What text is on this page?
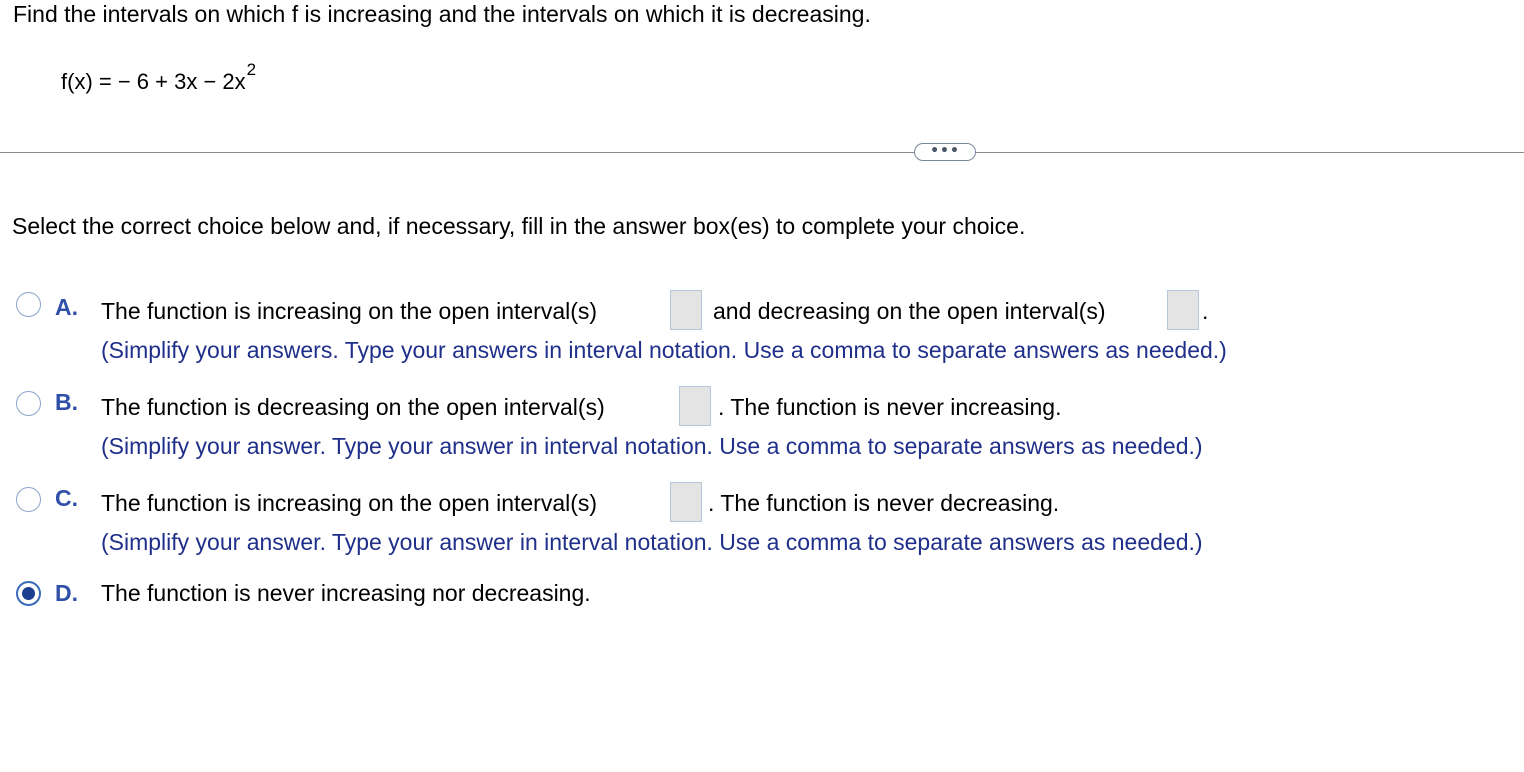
Find the intervals on which f is increasing and the intervals on which it is decreasing.
f(x) = − $6 + 3x - 2x^2$
•••
Select the correct choice below and, if necessary, fill in the answer box(es) to complete your choice.
A. The function is increasing on the open interval(s)	and decreasing on the open interval(s)	.
(Simplify your answers. Type your answers in interval notation. Use a comma to separate answers as needed.)
B. The function is decreasing on the open interval(s)	. The function is never increasing.
(Simplify your answer. Type your answer in interval notation. Use a comma to separate answers as needed.)
C. The function is increasing on the open interval(s)	. The function is never decreasing.
(Simplify your answer. Type your answer in interval notation. Use a comma to separate answers as needed.)
D. The function is never increasing nor decreasing.
